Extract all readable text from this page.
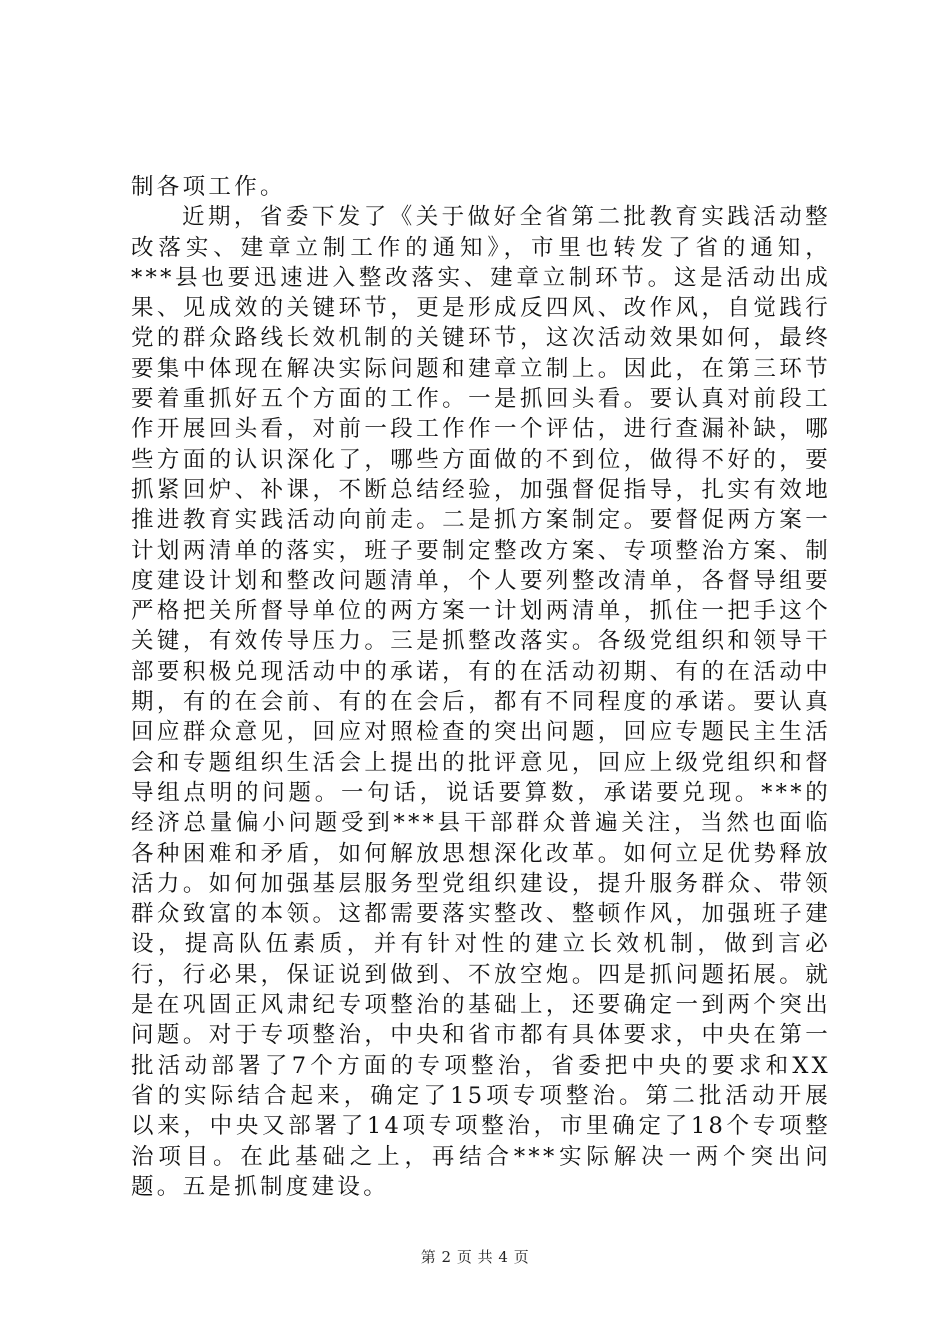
制各项工作。

近期，省委下发了《关于做好全省第二批教育实践活动整改落实、建章立制工作的通知》，市里也转发了省的通知，***县也要迅速进入整改落实、建章立制环节。这是活动出成果、见成效的关键环节，更是形成反四风、改作风，自觉践行党的群众路线长效机制的关键环节，这次活动效果如何，最终要集中体现在解决实际问题和建章立制上。因此，在第三环节要着重抓好五个方面的工作。一是抓回头看。要认真对前段工作开展回头看，对前一段工作作一个评估，进行查漏补缺，哪些方面的认识深化了，哪些方面做的不到位，做得不好的，要抓紧回炉、补课，不断总结经验，加强督促指导，扎实有效地推进教育实践活动向前走。二是抓方案制定。要督促两方案一计划两清单的落实，班子要制定整改方案、专项整治方案、制度建设计划和整改问题清单，个人要列整改清单，各督导组要严格把关所督导单位的两方案一计划两清单，抓住一把手这个关键，有效传导压力。三是抓整改落实。各级党组织和领导干部要积极兑现活动中的承诺，有的在活动初期、有的在活动中期，有的在会前、有的在会后，都有不同程度的承诺。要认真回应群众意见，回应对照检查的突出问题，回应专题民主生活会和专题组织生活会上提出的批评意见，回应上级党组织和督导组点明的问题。一句话，说话要算数，承诺要兑现。***的经济总量偏小问题受到***县干部群众普遍关注，当然也面临各种困难和矛盾，如何解放思想深化改革。如何立足优势释放活力。如何加强基层服务型党组织建设，提升服务群众、带领群众致富的本领。这都需要落实整改、整顿作风，加强班子建设，提高队伍素质，并有针对性的建立长效机制，做到言必行，行必果，保证说到做到、不放空炮。四是抓问题拓展。就是在巩固正风肃纪专项整治的基础上，还要确定一到两个突出问题。对于专项整治，中央和省市都有具体要求，中央在第一批活动部署了7个方面的专项整治，省委把中央的要求和XX省的实际结合起来，确定了15项专项整治。第二批活动开展以来，中央又部署了14项专项整治，市里确定了18个专项整治项目。在此基础之上，再结合***实际解决一两个突出问题。五是抓制度建设。

第 2 页 共 4 页
